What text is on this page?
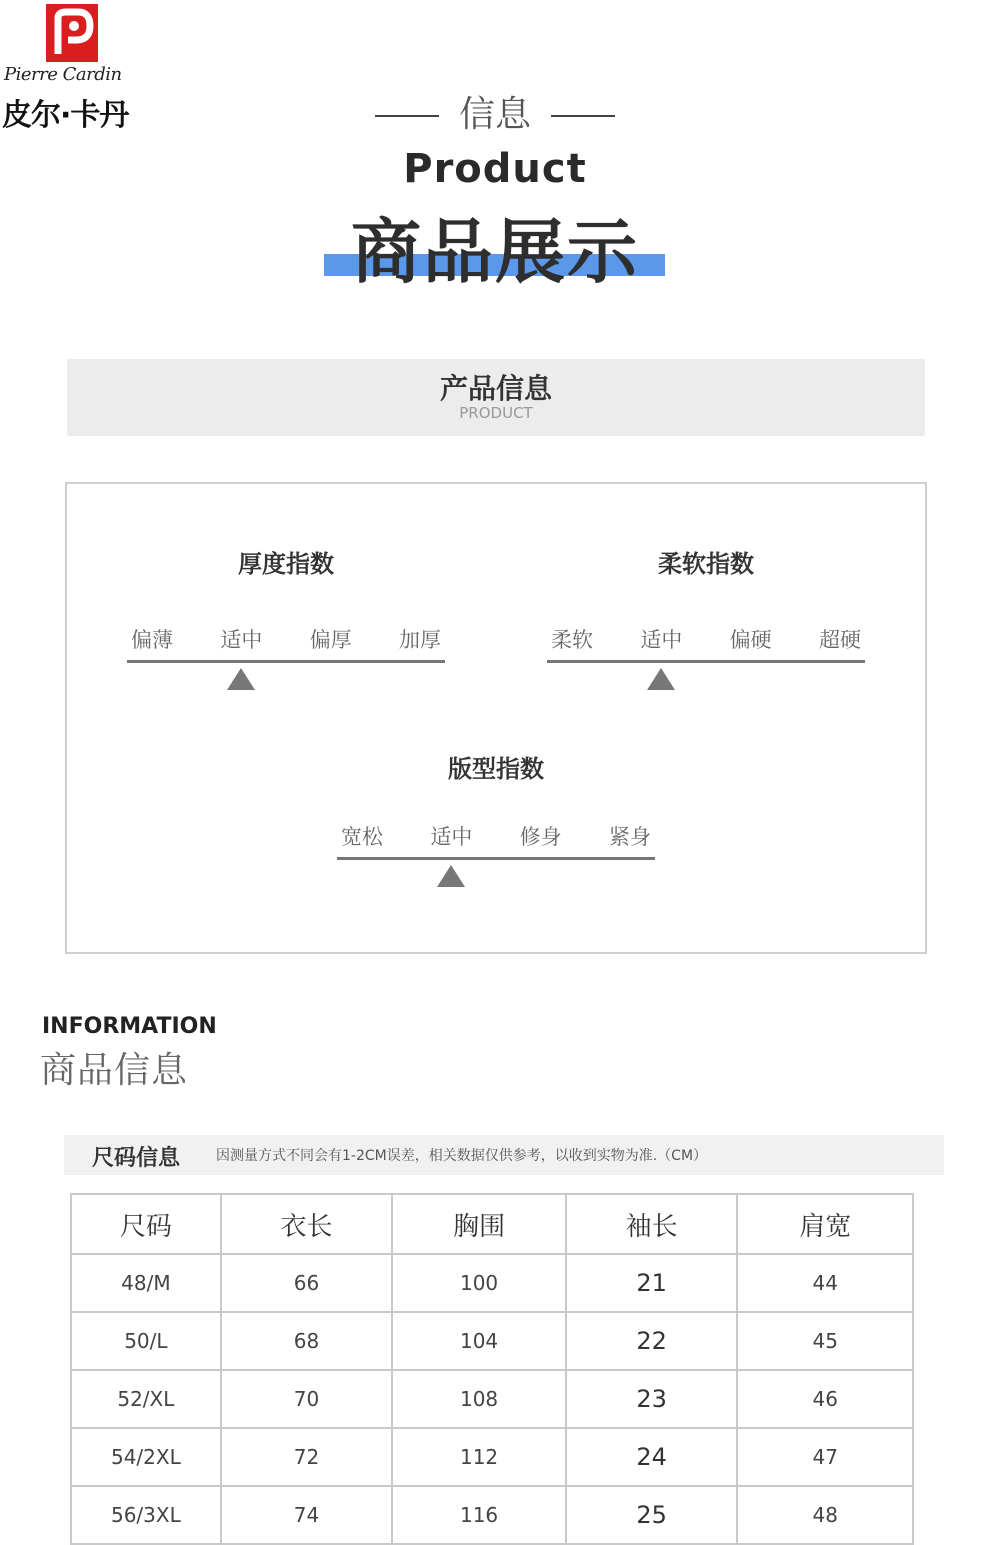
Pierre Cardin
皮尔·卡丹	信息
Product
商品展示
产品信息
PRODUCT
厚度指数
偏薄 适中 偏厚 加厚
柔软指数
柔软 适中 偏硬 超硬
版型指数
宽松 适中 修身 紧身
INFORMATION
商品信息
尺码信息	因测量方式不同会有1-2CM误差，相关数据仅供参考，以收到实物为准.（CM）
尺码	衣长	胸围	袖长	肩宽
48/M	66	100	21	44
50/L	68	104	22	45
52/XL	70	108	23	46
54/2XL	72	112	24	47
56/3XL	74	116	25	48
